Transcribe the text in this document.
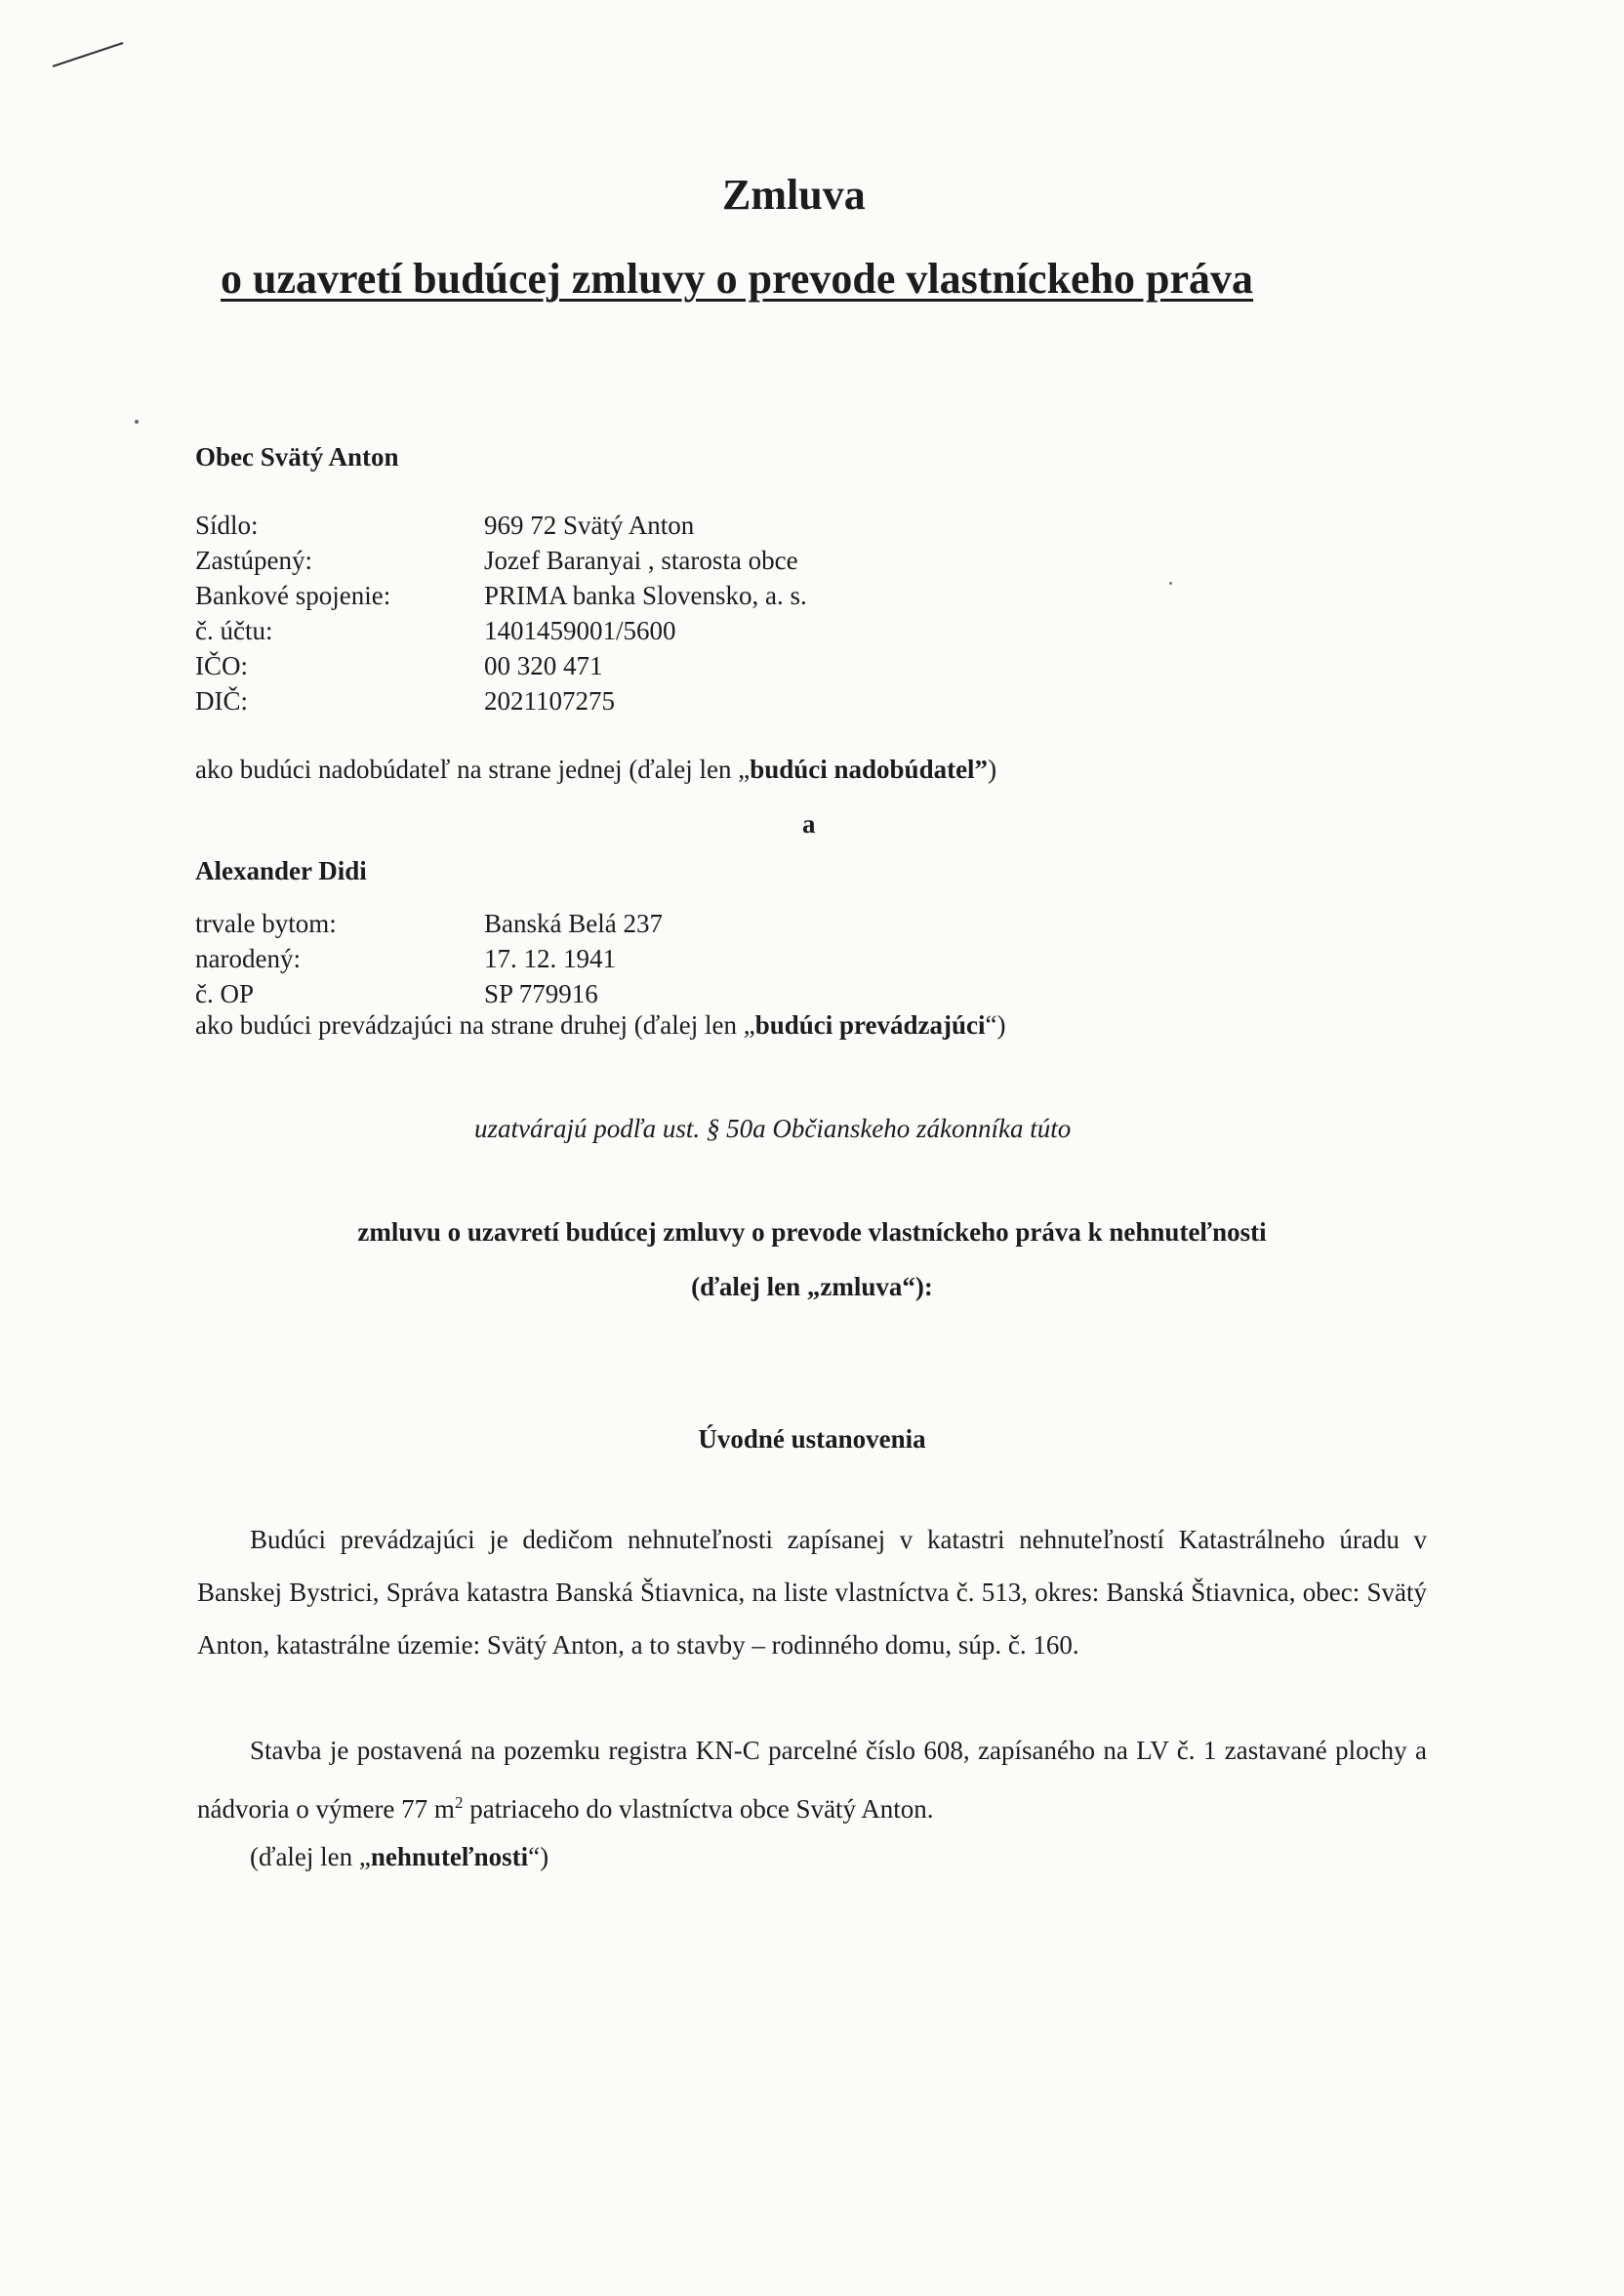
Zmluva
o uzavretí budúcej zmluvy o prevode vlastníckeho práva
Obec Svätý Anton
Sídlo:	969 72 Svätý Anton
Zastúpený:	Jozef Baranyai , starosta obce
Bankové spojenie:	PRIMA banka Slovensko, a. s.
č. účtu:	1401459001/5600
IČO:	00 320 471
DIČ:	2021107275
ako budúci nadobúdateľ na strane jednej (ďalej len „budúci nadobúdatel”)
a
Alexander Didi
trvale bytom:	Banská Belá 237
narodený:	17. 12. 1941
č. OP	SP 779916
ako budúci prevádzajúci na strane druhej (ďalej len „budúci prevádzajúci“)
uzatvárajú podľa ust. § 50a Občianskeho zákonníka túto
zmluvu o uzavretí budúcej zmluvy o prevode vlastníckeho práva k nehnuteľnosti
(ďalej len „zmluva“):
Úvodné ustanovenia
Budúci prevádzajúci je dedičom nehnuteľnosti zapísanej v katastri nehnuteľností Katastrálneho úradu v Banskej Bystrici, Správa katastra Banská Štiavnica, na liste vlastníctva č. 513, okres: Banská Štiavnica, obec: Svätý Anton, katastrálne územie: Svätý Anton, a to stavby – rodinného domu, súp. č. 160.
Stavba je postavená na pozemku registra KN-C parcelné číslo 608, zapísaného na LV č. 1 zastavané plochy a nádvoria o výmere 77 $m^2$ patriaceho do vlastníctva obce Svätý Anton.
(ďalej len „nehnuteľnosti“)
